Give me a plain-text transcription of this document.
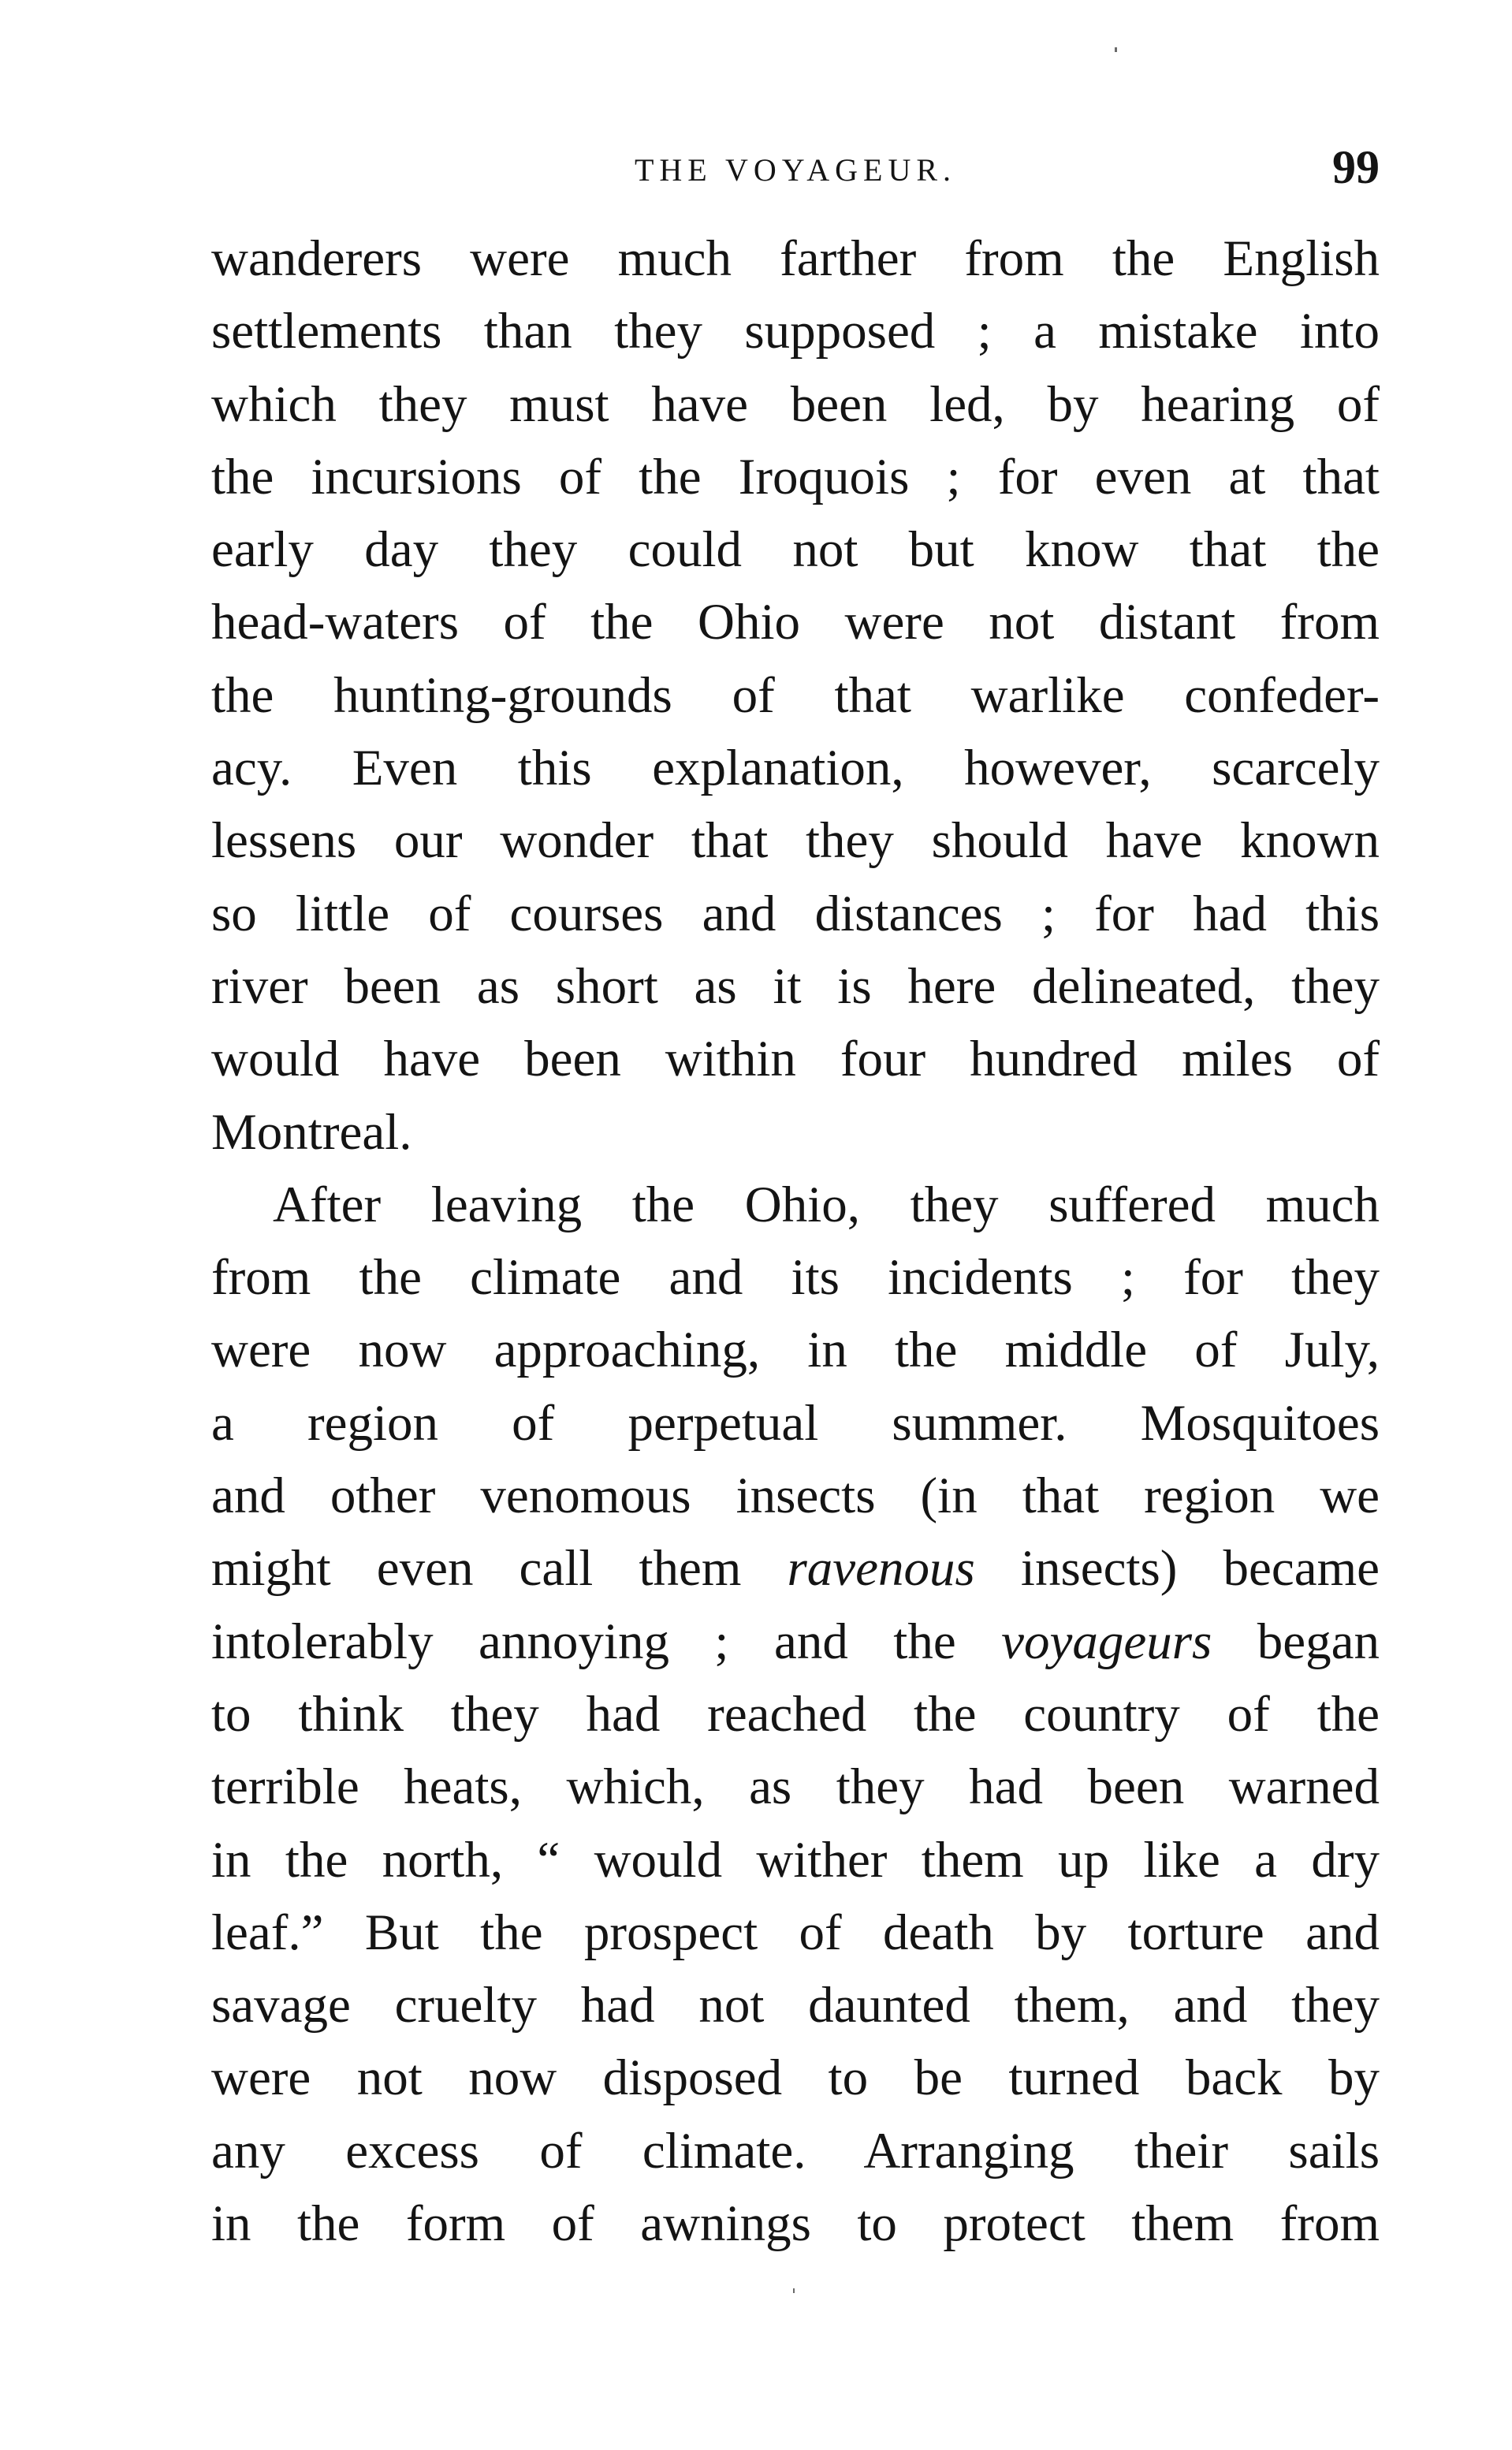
THE VOYAGEUR.	99
wanderers were much farther from the English
settlements than they supposed ; a mistake into
which they must have been led, by hearing of
the incursions of the Iroquois ; for even at that
early day they could not but know that the
head-waters of the Ohio were not distant from
the hunting-grounds of that warlike confeder-
acy. Even this explanation, however, scarcely
lessens our wonder that they should have known
so little of courses and distances ; for had this
river been as short as it is here delineated, they
would have been within four hundred miles of
Montreal.
After leaving the Ohio, they suffered much
from the climate and its incidents ; for they
were now approaching, in the middle of July,
a region of perpetual summer. Mosquitoes
and other venomous insects (in that region we
might even call them ravenous insects) became
intolerably annoying ; and the voyageurs began
to think they had reached the country of the
terrible heats, which, as they had been warned
in the north, “ would wither them up like a dry
leaf.” But the prospect of death by torture and
savage cruelty had not daunted them, and they
were not now disposed to be turned back by
any excess of climate. Arranging their sails
in the form of awnings to protect them from
